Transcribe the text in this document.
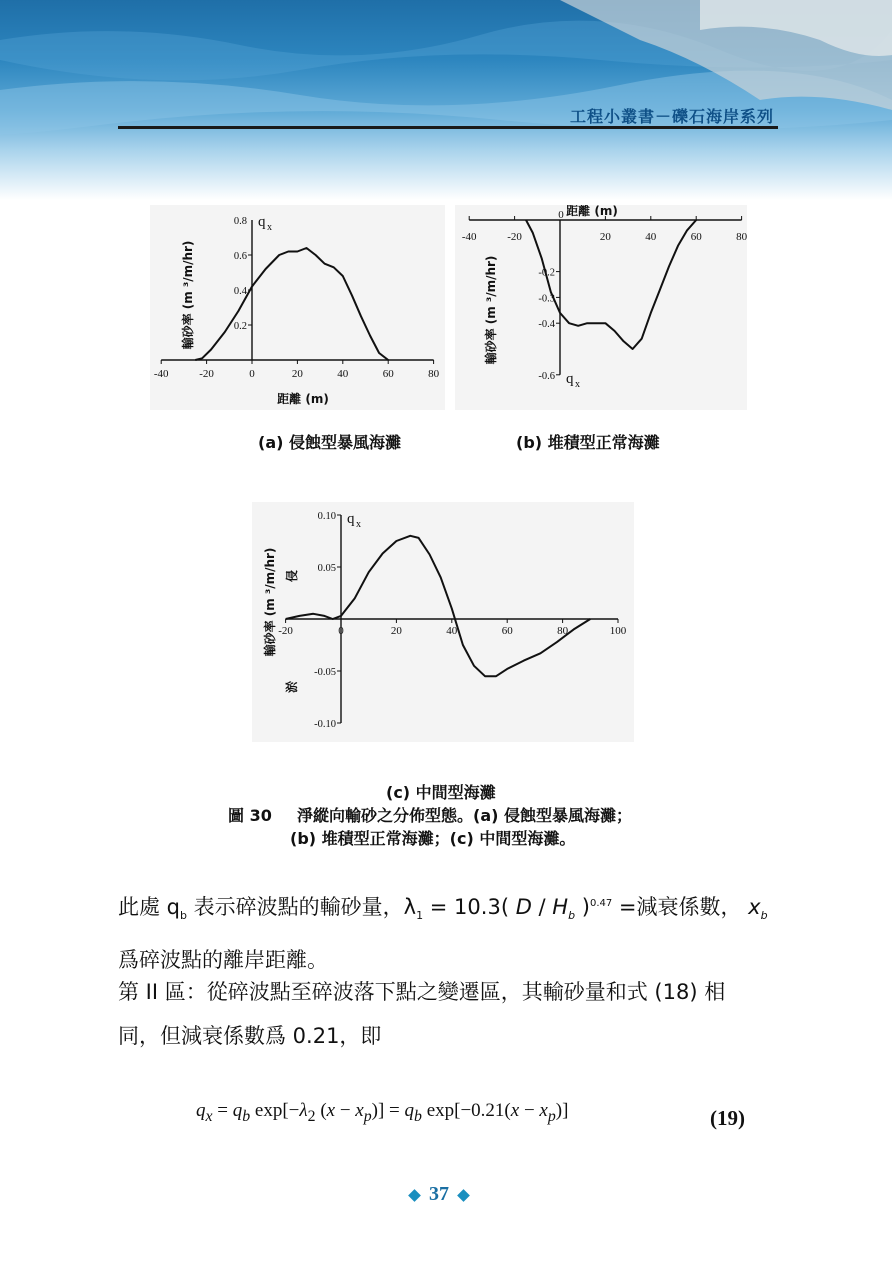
工程小叢書－礫石海岸系列
-40	-20	0	20	40	60	80
0.6
0.4
0.2
0.8 q x
距離 (m)
輸砂率 (m ³/m/hr)
(a) 侵蝕型暴風海灘
-40	-20	20	40	60	80
-0.2
-0.3
-0.4
-0.6
0 距離 (m)
q x
輸砂率 (m ³/m/hr)
(b) 堆積型正常海灘
-20	0	20	40	60	80	100
0.10
0.05
-0.05
-0.10
q x
輸砂率 (m ³/m/hr) 侵
淤
(c) 中間型海灘
圖 30 淨縱向輸砂之分佈型態。(a) 侵蝕型暴風海灘；
(b) 堆積型正常海灘；(c) 中間型海灘。
此處 $q_b$ 表示碎波點的輸砂量，$\lambda_1 = 10.3$( D / $H_b$ )$^{0.47}$ =減衰係數， $x_b$
爲碎波點的離岸距離。
第 II 區：從碎波點至碎波落下點之變遷區，其輸砂量和式 (18) 相
同，但減衰係數爲 0.21，即
$q_x = q_b$ $\exp[-\lambda_2$ $(x - x_p)] = q_b$ $\exp[-0.21(x - x_p)]$	(19)
37
